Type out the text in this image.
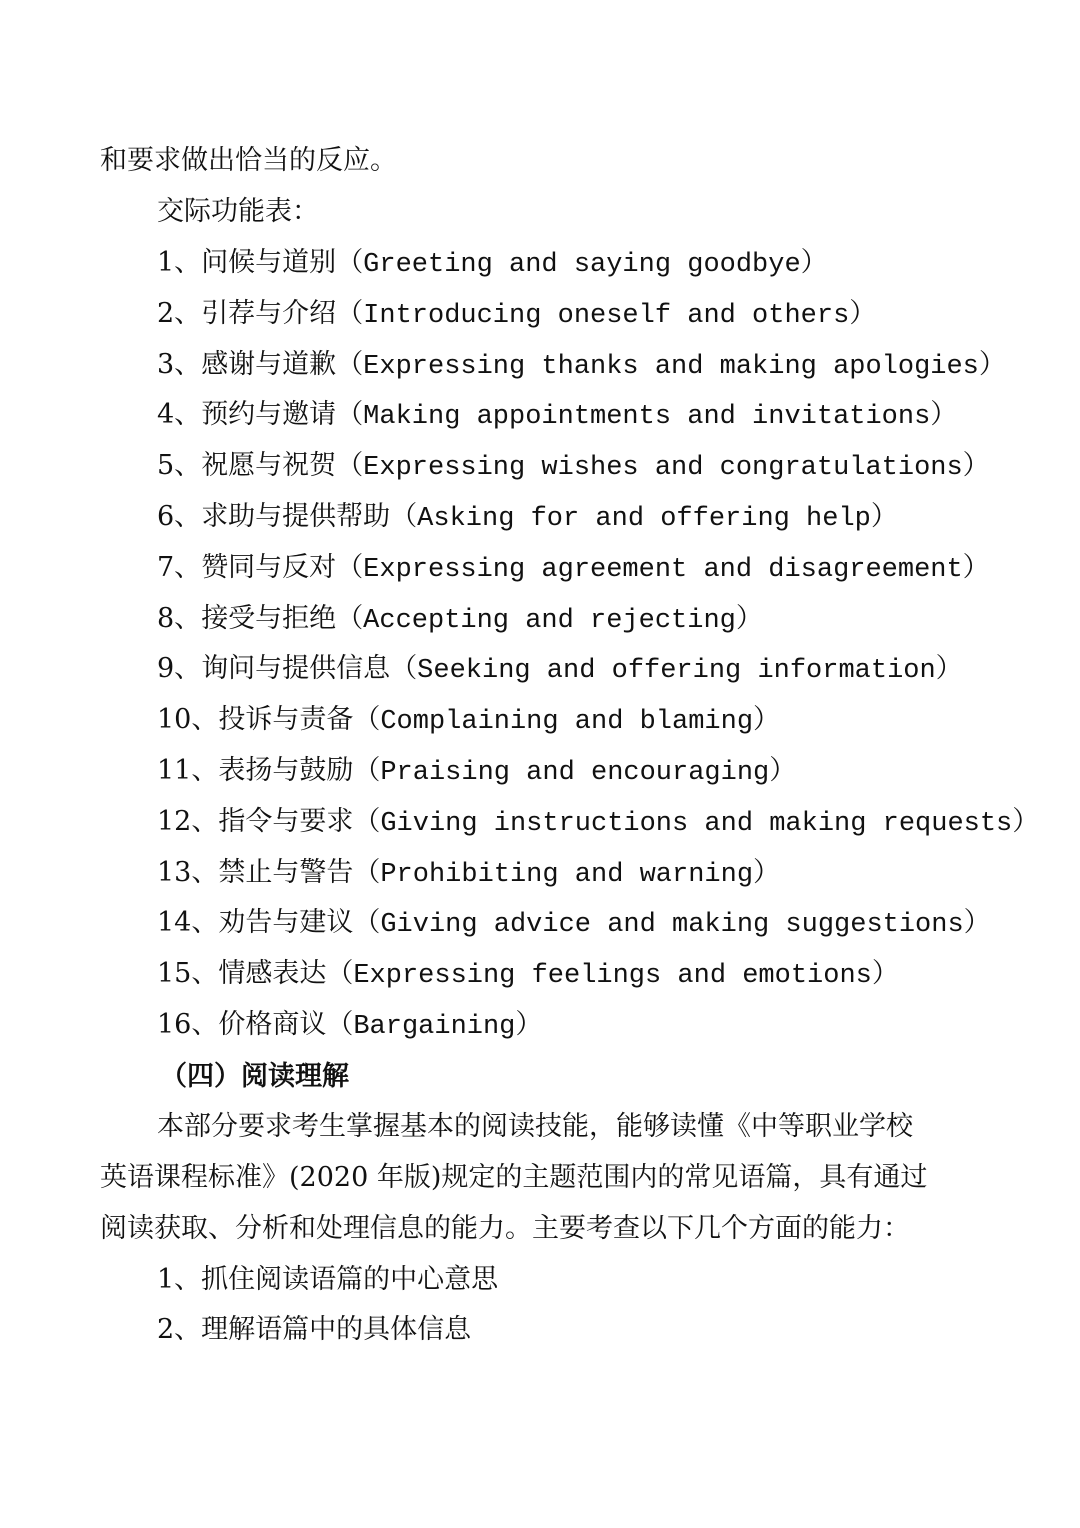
和要求做出恰当的反应。
交际功能表：
1、问候与道别（Greeting and saying goodbye）
2、引荐与介绍（Introducing oneself and others）
3、感谢与道歉（Expressing thanks and making apologies）
4、预约与邀请（Making appointments and invitations）
5、祝愿与祝贺（Expressing wishes and congratulations）
6、求助与提供帮助（Asking for and offering help）
7、赞同与反对（Expressing agreement and disagreement）
8、接受与拒绝（Accepting and rejecting）
9、询问与提供信息（Seeking and offering information）
10、投诉与责备（Complaining and blaming）
11、表扬与鼓励（Praising and encouraging）
12、指令与要求（Giving instructions and making requests）
13、禁止与警告（Prohibiting and warning）
14、劝告与建议（Giving advice and making suggestions）
15、情感表达（Expressing feelings and emotions）
16、价格商议（Bargaining）
（四）阅读理解
本部分要求考生掌握基本的阅读技能，能够读懂《中等职业学校
英语课程标准》(2020 年版)规定的主题范围内的常见语篇，具有通过
阅读获取、分析和处理信息的能力。主要考查以下几个方面的能力：
1、抓住阅读语篇的中心意思
2、理解语篇中的具体信息
